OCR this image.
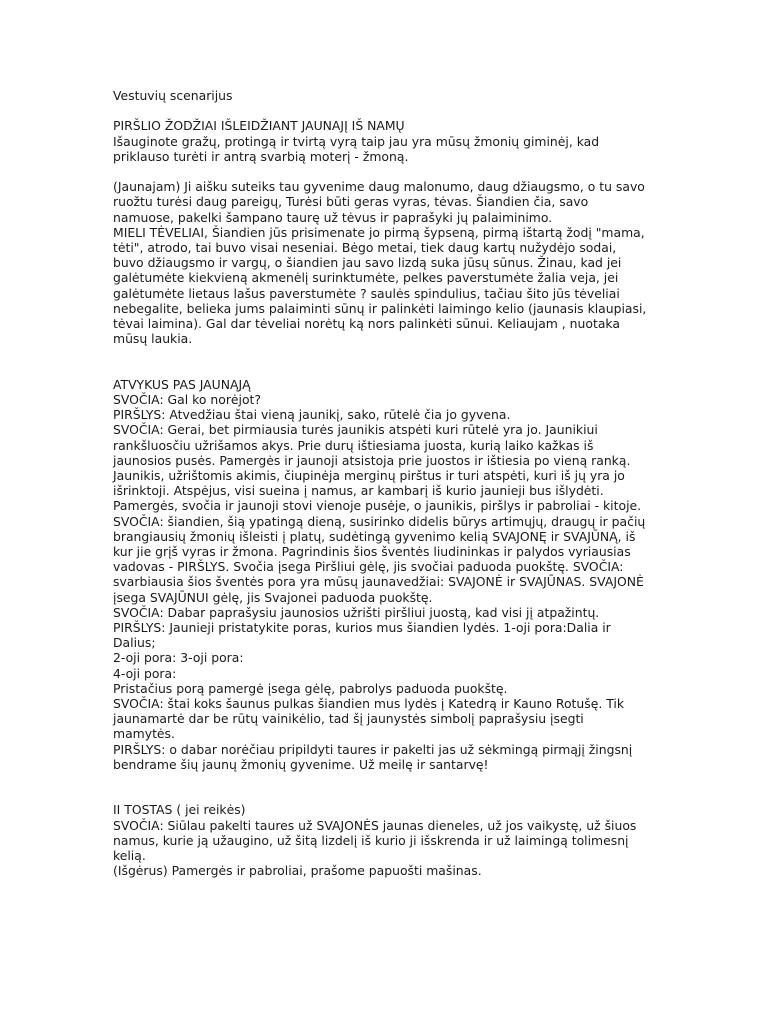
Vestuvių scenarijus
PIRŠLIO ŽODŽIAI IŠLEIDŽIANT JAUNAJĮ IŠ NAMŲ
Išauginote gražų, protingą ir tvirtą vyrą taip jau yra mūsų žmonių giminėj, kad
priklauso turėti ir antrą svarbią moterį - žmoną.
(Jaunajam) Ji aišku suteiks tau gyvenime daug malonumo, daug džiaugsmo, o tu savo
ruožtu turėsi daug pareigų, Turėsi būti geras vyras, tėvas. Šiandien čia, savo
namuose, pakelki šampano taurę už tėvus ir paprašyki jų palaiminimo.
MIELI TĖVELIAI, Šiandien jūs prisimenate jo pirmą šypseną, pirmą ištartą žodį "mama,
tėti", atrodo, tai buvo visai neseniai. Bėgo metai, tiek daug kartų nužydėjo sodai,
buvo džiaugsmo ir vargų, o šiandien jau savo lizdą suka jūsų sūnus. Žinau, kad jei
galėtumėte kiekvieną akmenėlį surinktumėte, pelkes paverstumėte žalia veja, jei
galėtumėte lietaus lašus paverstumėte ? saulės spindulius, tačiau šito jūs tėveliai
nebegalite, belieka jums palaiminti sūnų ir palinkėti laimingo kelio (jaunasis klaupiasi,
tėvai laimina). Gal dar tėveliai norėtų ką nors palinkėti sūnui. Keliaujam , nuotaka
mūsų laukia.
ATVYKUS PAS JAUNĄJĄ
SVOČIA: Gal ko norėjot?
PIRŠLYS: Atvedžiau štai vieną jaunikį, sako, rūtelė čia jo gyvena.
SVOČIA: Gerai, bet pirmiausia turės jaunikis atspėti kuri rūtelė yra jo. Jaunikiui
rankšluosčiu užrišamos akys. Prie durų ištiesiama juosta, kurią laiko kažkas iš
jaunosios pusės. Pamergės ir jaunoji atsistoja prie juostos ir ištiesia po vieną ranką.
Jaunikis, užrištomis akimis, čiupinėja merginų pirštus ir turi atspėti, kuri iš jų yra jo
išrinktoji. Atspėjus, visi sueina į namus, ar kambarį iš kurio jaunieji bus išlydėti.
Pamergės, svočia ir jaunoji stovi vienoje pusėje, o jaunikis, piršlys ir pabroliai - kitoje.
SVOČIA: šiandien, šią ypatingą dieną, susirinko didelis būrys artimųjų, draugų ir pačių
brangiausių žmonių išleisti į platų, sudėtingą gyvenimo kelią SVAJONĘ ir SVAJŪNĄ, iš
kur jie grįš vyras ir žmona. Pagrindinis šios šventės liudininkas ir palydos vyriausias
vadovas - PIRŠLYS. Svočia įsega Piršliui gėlę, jis svočiai paduoda puokštę. SVOČIA:
svarbiausia šios šventės pora yra mūsų jaunavedžiai: SVAJONĖ ir SVAJŪNAS. SVAJONĖ
įsega SVAJŪNUI gėlę, jis Svajonei paduoda puokštę.
SVOČIA: Dabar paprašysiu jaunosios užrišti piršliui juostą, kad visi jį atpažintų.
PIRŠLYS: Jaunieji pristatykite poras, kurios mus šiandien lydės. 1-oji pora:Dalia ir
Dalius;
2-oji pora: 3-oji pora:
4-oji pora:
Pristačius porą pamergė įsega gėlę, pabrolys paduoda puokštę.
SVOČIA: štai koks šaunus pulkas šiandien mus lydės į Katedrą ir Kauno Rotušę. Tik
jaunamartė dar be rūtų vainikėlio, tad šį jaunystės simbolį paprašysiu įsegti
mamytės.
PIRŠLYS: o dabar norėčiau pripildyti taures ir pakelti jas už sėkmingą pirmąjį žingsnį
bendrame šių jaunų žmonių gyvenime. Už meilę ir santarvę!
II TOSTAS ( jei reikės)
SVOČIA: Siūlau pakelti taures už SVAJONĖS jaunas dieneles, už jos vaikystę, už šiuos
namus, kurie ją užaugino, už šitą lizdelį iš kurio ji išskrenda ir už laimingą tolimesnį
kelią.
(Išgėrus) Pamergės ir pabroliai, prašome papuošti mašinas.
